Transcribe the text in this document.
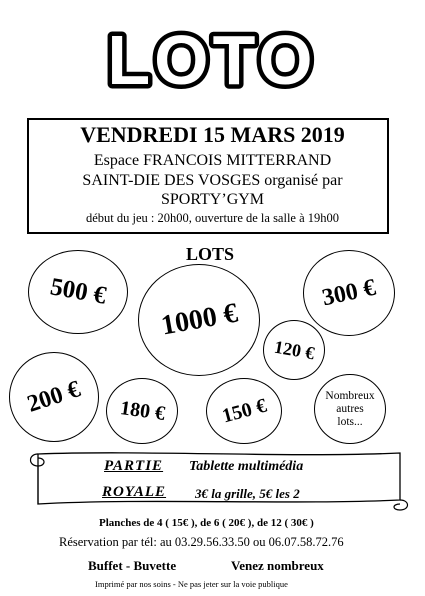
LOTO
VENDREDI 15 MARS 2019
Espace FRANCOIS MITTERRAND
SAINT-DIE DES VOSGES organisé par
SPORTY’GYM
début du jeu : 20h00, ouverture de la salle à 19h00
LOTS
500 €	300 €
1000 €
120 €
200 € 180 €	150 €	Nombreux
autres
lots...
PARTIE Tablette multimédia
ROYALE 3€ la grille, 5€ les 2
Planches de 4 ( 15€ ), de 6 ( 20€ ), de 12 ( 30€ )
Réservation par tél: au 03.29.56.33.50 ou 06.07.58.72.76
Buffet - Buvette	Venez nombreux
Imprimé par nos soins - Ne pas jeter sur la voie publique
